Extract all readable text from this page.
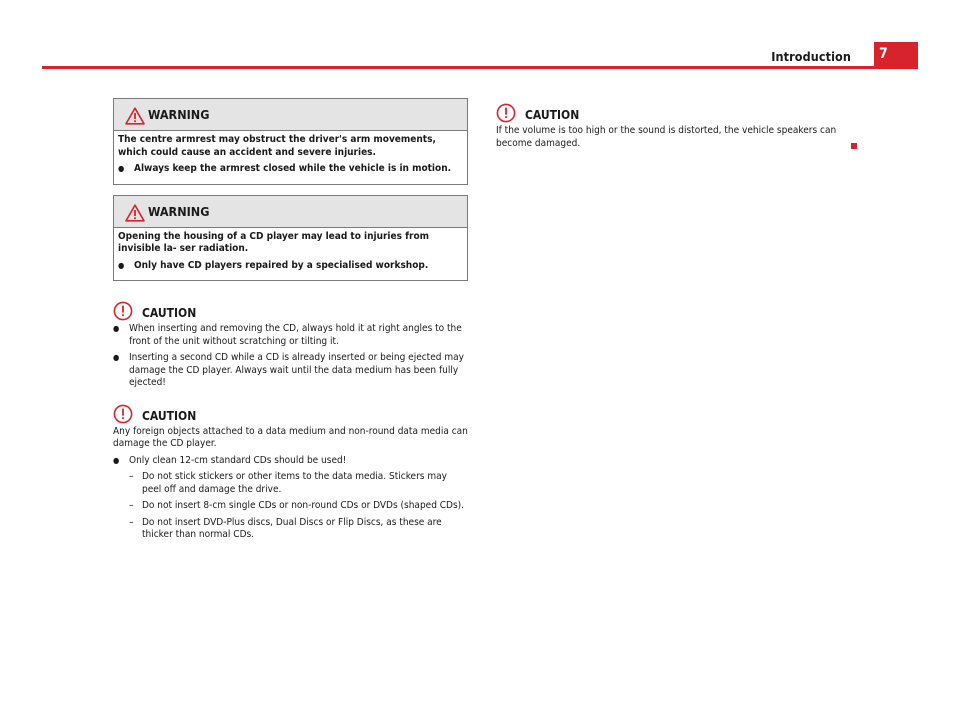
Introduction	7
WARNING

The centre armrest may obstruct the driver's arm movements, which could cause an accident and severe injuries.

● Always keep the armrest closed while the vehicle is in motion.

WARNING

Opening the housing of a CD player may lead to injuries from invisible la- ser radiation.

● Only have CD players repaired by a specialised workshop.

CAUTION

● When inserting and removing the CD, always hold it at right angles to the front of the unit without scratching or tilting it.

● Inserting a second CD while a CD is already inserted or being ejected may damage the CD player. Always wait until the data medium has been fully ejected!

CAUTION

Any foreign objects attached to a data medium and non-round data media can damage the CD player.

● Only clean 12-cm standard CDs should be used!

– Do not stick stickers or other items to the data media. Stickers may peel off and damage the drive.

– Do not insert 8-cm single CDs or non-round CDs or DVDs (shaped CDs).

– Do not insert DVD-Plus discs, Dual Discs or Flip Discs, as these are thicker than normal CDs.

CAUTION

If the volume is too high or the sound is distorted, the vehicle speakers can become damaged.
